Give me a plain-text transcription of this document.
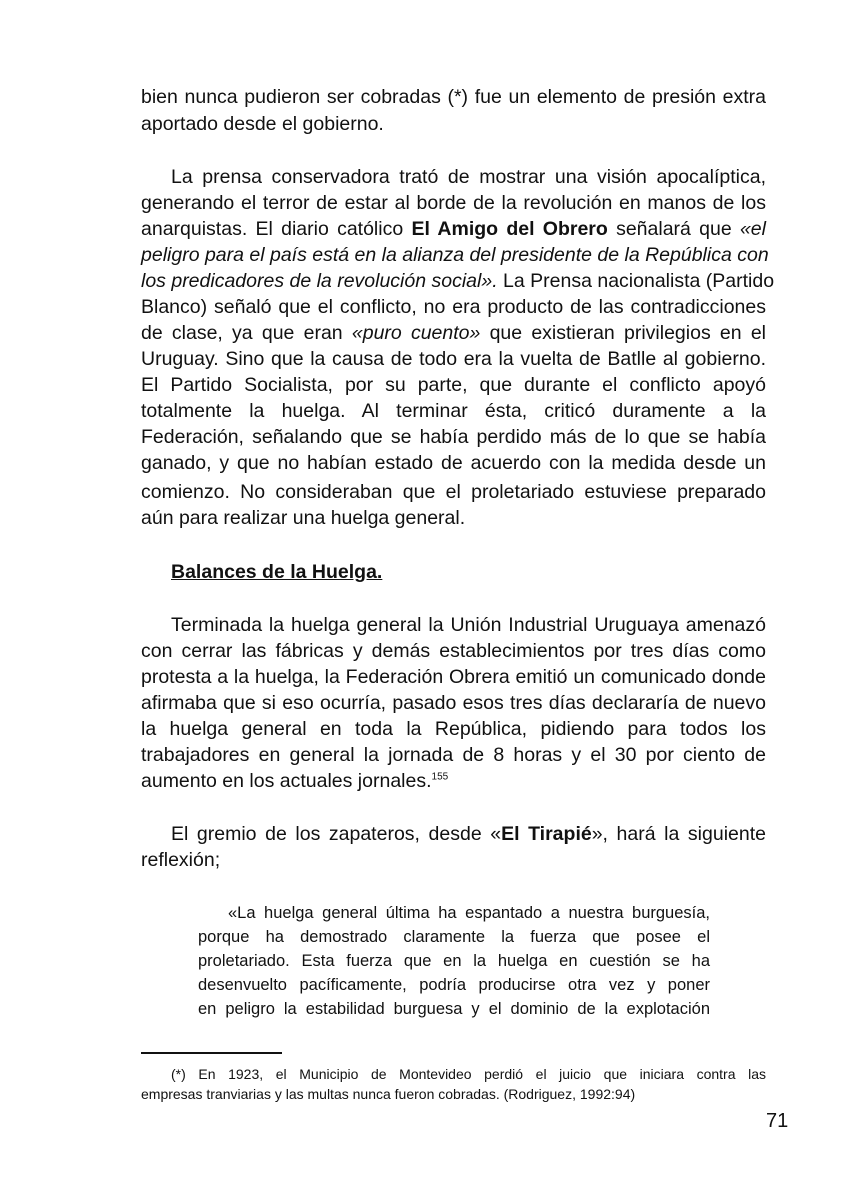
bien nunca pudieron ser cobradas (*) fue un elemento de presión extra
aportado desde el gobierno.
La prensa conservadora trató de mostrar una visión apocalíptica,
generando el terror de estar al borde de la revolución en manos de los
anarquistas. El diario católico El Amigo del Obrero señalará que «el
peligro para el país está en la alianza del presidente de la República con
los predicadores de la revolución social». La Prensa nacionalista (Partido
Blanco) señaló que el conflicto, no era producto de las contradicciones
de clase, ya que eran «puro cuento» que existieran privilegios en el
Uruguay. Sino que la causa de todo era la vuelta de Batlle al gobierno.
El Partido Socialista, por su parte, que durante el conflicto apoyó
totalmente la huelga. Al terminar ésta, criticó duramente a la
Federación, señalando que se había perdido más de lo que se había
ganado, y que no habían estado de acuerdo con la medida desde un
comienzo. No consideraban que el proletariado estuviese preparado
aún para realizar una huelga general.
Balances de la Huelga.
Terminada la huelga general la Unión Industrial Uruguaya amenazó
con cerrar las fábricas y demás establecimientos por tres días como
protesta a la huelga, la Federación Obrera emitió un comunicado donde
afirmaba que si eso ocurría, pasado esos tres días declararía de nuevo
la huelga general en toda la República, pidiendo para todos los
trabajadores en general la jornada de 8 horas y el 30 por ciento de
aumento en los actuales jornales.$^{155}$
El gremio de los zapateros, desde «El Tirapié», hará la siguiente
reflexión;
«La huelga general última ha espantado a nuestra burguesía,
porque ha demostrado claramente la fuerza que posee el
proletariado. Esta fuerza que en la huelga en cuestión se ha
desenvuelto pacíficamente, podría producirse otra vez y poner
en peligro la estabilidad burguesa y el dominio de la explotación
(*) En 1923, el Municipio de Montevideo perdió el juicio que iniciara contra las
empresas tranviarias y las multas nunca fueron cobradas. (Rodriguez, 1992:94)
71
